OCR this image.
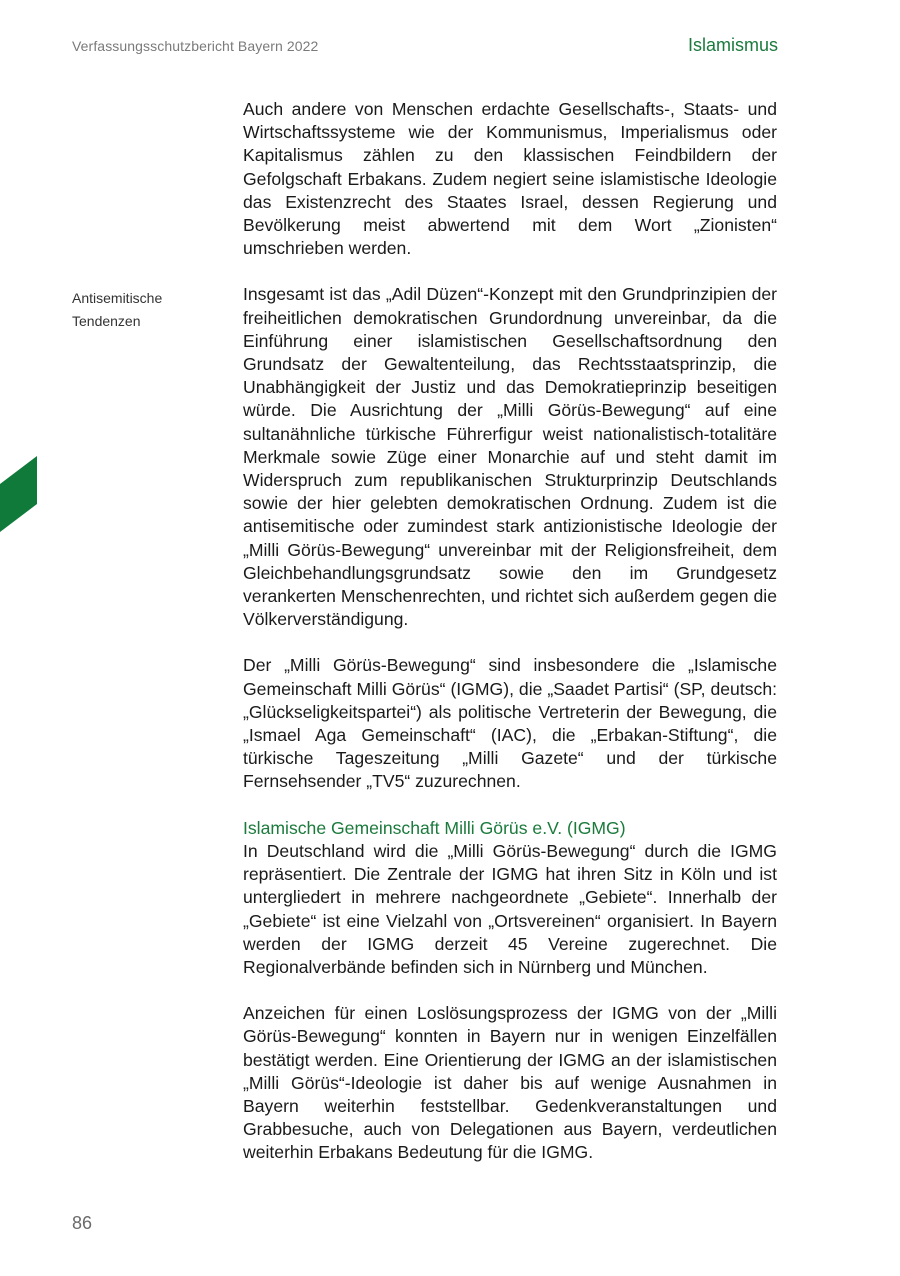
Verfassungsschutzbericht Bayern 2022	Islamismus
Antisemitische
Tendenzen

Auch andere von Menschen erdachte Gesellschafts-, Staats- und Wirtschaftssysteme wie der Kommunismus, Imperialismus oder Kapitalismus zählen zu den klassischen Feindbildern der Gefolgschaft Erbakans. Zudem negiert seine islamistische Ideologie das Existenzrecht des Staates Israel, dessen Regierung und Bevölkerung meist abwertend mit dem Wort „Zionisten“ umschrieben werden.

Insgesamt ist das „Adil Düzen“-Konzept mit den Grundprinzipien der freiheitlichen demokratischen Grundordnung unvereinbar, da die Einführung einer islamistischen Gesellschaftsordnung den Grundsatz der Gewaltenteilung, das Rechtsstaatsprinzip, die Unabhängigkeit der Justiz und das Demokratieprinzip beseitigen würde. Die Ausrichtung der „Milli Görüs-Bewegung“ auf eine sultanähnliche türkische Führerfigur weist nationalistisch-totalitäre Merkmale sowie Züge einer Monarchie auf und steht damit im Widerspruch zum republikanischen Strukturprinzip Deutschlands sowie der hier gelebten demokratischen Ordnung. Zudem ist die antisemitische oder zumindest stark antizionistische Ideologie der „Milli Görüs-Bewegung“ unvereinbar mit der Religionsfreiheit, dem Gleichbehandlungsgrundsatz sowie den im Grundgesetz verankerten Menschenrechten, und richtet sich außerdem gegen die Völkerverständigung.

Der „Milli Görüs-Bewegung“ sind insbesondere die „Islamische Gemeinschaft Milli Görüs“ (IGMG), die „Saadet Partisi“ (SP, deutsch: „Glückseligkeitspartei“) als politische Vertreterin der Bewegung, die „Ismael Aga Gemeinschaft“ (IAC), die „Erbakan-Stiftung“, die türkische Tageszeitung „Milli Gazete“ und der türkische Fernsehsender „TV5“ zuzurechnen.

Islamische Gemeinschaft Milli Görüs e.V. (IGMG)

In Deutschland wird die „Milli Görüs-Bewegung“ durch die IGMG repräsentiert. Die Zentrale der IGMG hat ihren Sitz in Köln und ist untergliedert in mehrere nachgeordnete „Gebiete“. Innerhalb der „Gebiete“ ist eine Vielzahl von „Ortsvereinen“ organisiert. In Bayern werden der IGMG derzeit 45 Vereine zugerechnet. Die Regionalverbände befinden sich in Nürnberg und München.

Anzeichen für einen Loslösungsprozess der IGMG von der „Milli Görüs-Bewegung“ konnten in Bayern nur in wenigen Einzelfällen bestätigt werden. Eine Orientierung der IGMG an der islamistischen „Milli Görüs“-Ideologie ist daher bis auf wenige Ausnahmen in Bayern weiterhin feststellbar. Gedenkveranstaltungen und Grabbesuche, auch von Delegationen aus Bayern, verdeutlichen weiterhin Erbakans Bedeutung für die IGMG.

86
